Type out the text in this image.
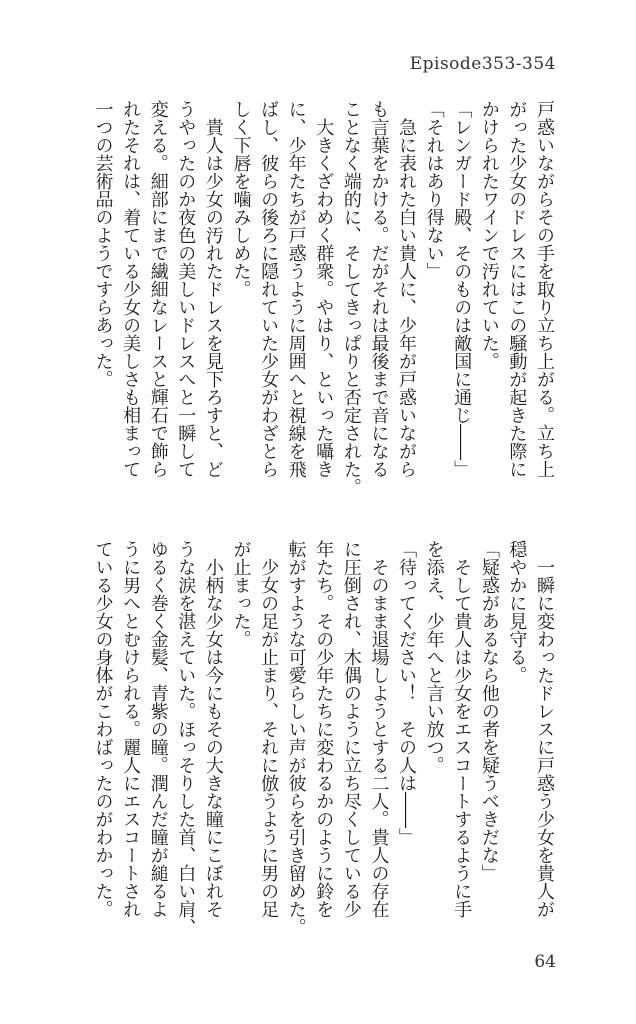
Episode353-354
戸惑いながらその手を取り立ち上がる。立ち上
がった少女のドレスにはこの騒動が起きた際に
かけられたワインで汚れていた。
「レンガード殿、そのものは敵国に通じ――」
「それはあり得ない」
　急に表れた白い貴人に、少年が戸惑いながら
も言葉をかける。だがそれは最後まで音になる
ことなく端的に、そしてきっぱりと否定された。
　大きくざわめく群衆。やはり、といった囁き
に、少年たちが戸惑うように周囲へと視線を飛
ばし、彼らの後ろに隠れていた少女がわざとら
しく下唇を噛みしめた。
　貴人は少女の汚れたドレスを見下ろすと、ど
うやったのか夜色の美しいドレスへと一瞬して
変える。細部にまで繊細なレースと輝石で飾ら
れたそれは、着ている少女の美しさも相まって
一つの芸術品のようですらあった。
　一瞬に変わったドレスに戸惑う少女を貴人が
穏やかに見守る。
「疑惑があるなら他の者を疑うべきだな」
　そして貴人は少女をエスコートするように手
を添え、少年へと言い放つ。
「待ってください！　その人は――」
　そのまま退場しようとする二人。貴人の存在
に圧倒され、木偶のように立ち尽くしている少
年たち。その少年たちに変わるかのように鈴を
転がすような可愛らしい声が彼らを引き留めた。
　少女の足が止まり、それに倣うように男の足
が止まった。
　小柄な少女は今にもその大きな瞳にこぼれそ
うな涙を湛えていた。ほっそりした首、白い肩、
ゆるく巻く金髪、青紫の瞳。潤んだ瞳が縋るよ
うに男へとむけられる。麗人にエスコートされ
ている少女の身体がこわばったのがわかった。
64
